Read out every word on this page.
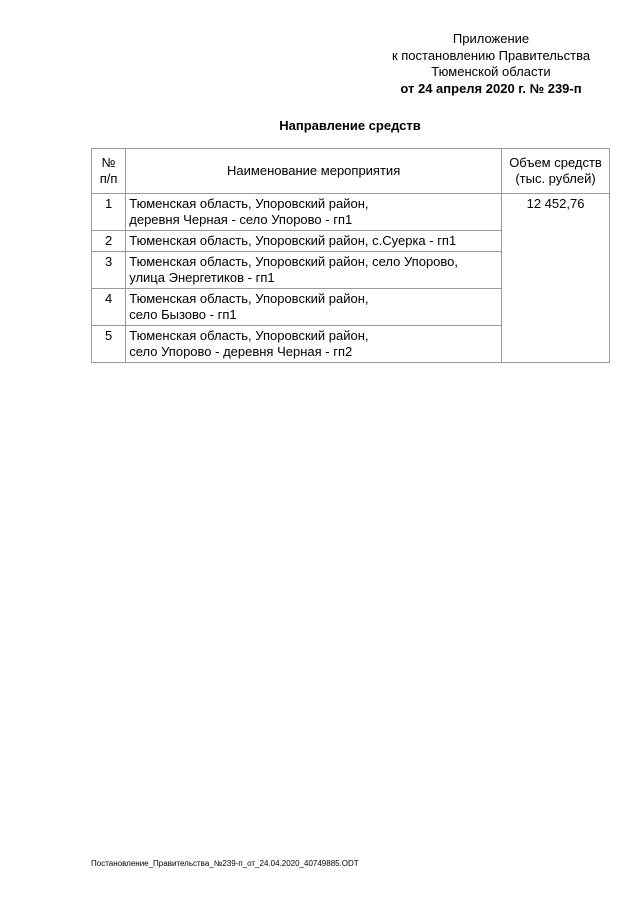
Приложение
к постановлению Правительства
Тюменской области
от 24 апреля 2020 г. № 239-п
Направление средств
№ п/п	Наименование мероприятия	Объем средств (тыс. рублей)
1	Тюменская область, Упоровский район,
деревня Черная - село Упорово - гп1	12 452,76
2	Тюменская область, Упоровский район, с.Суерка - гп1	

3	Тюменская область, Упоровский район, село Упорово,
улица Энергетиков - гп1	

4	Тюменская область, Упоровский район,
село Бызово - гп1	

5	Тюменская область, Упоровский район,
село Упорово - деревня Черная - гп2	
Постановление_Правительства_№239-п_от_24.04.2020_40749885.ODT
